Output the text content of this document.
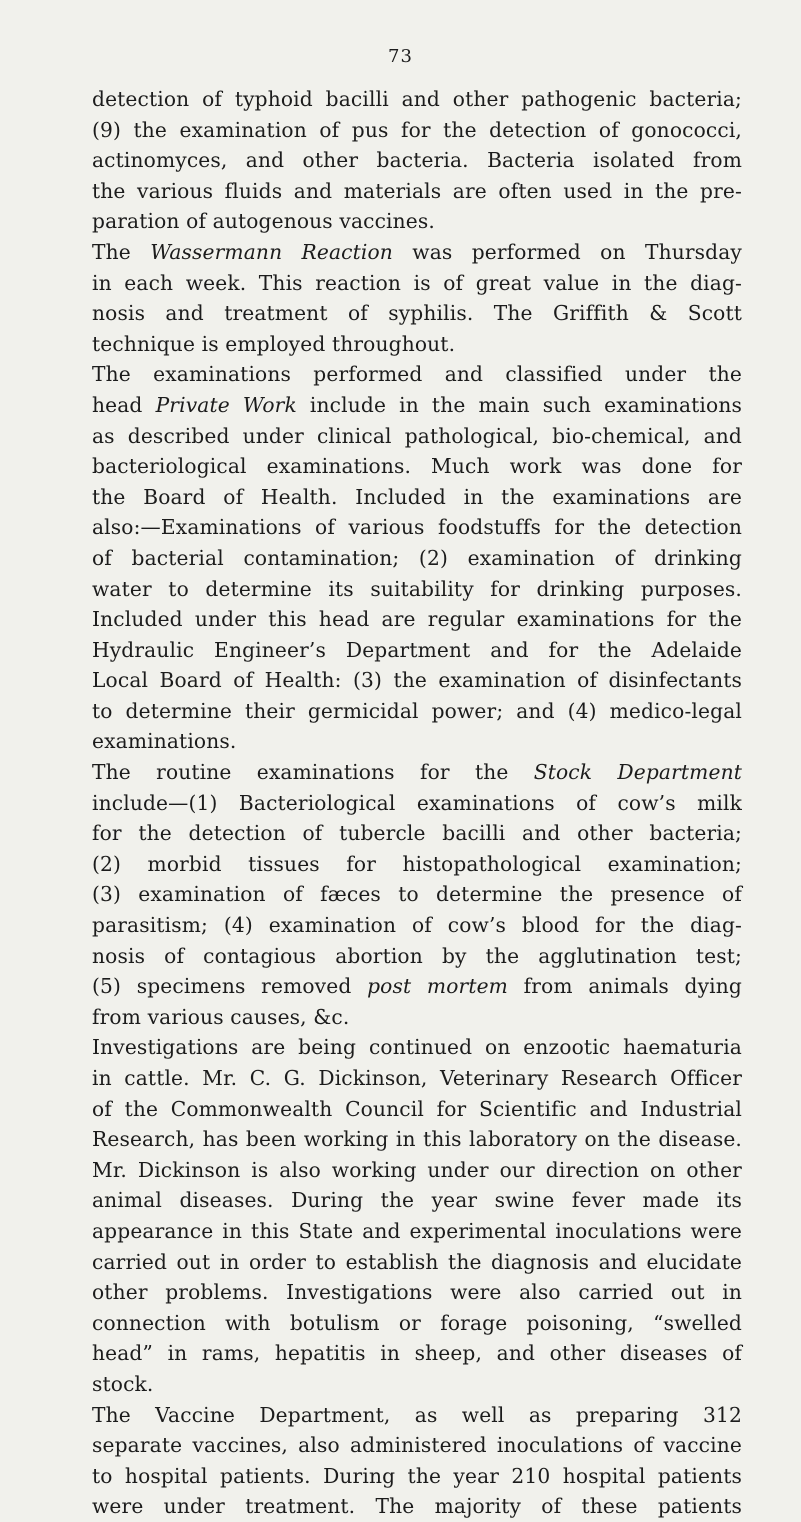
73
detection of typhoid bacilli and other pathogenic bacteria;
(9) the examination of pus for the detection of gonococci,
actinomyces, and other bacteria. Bacteria isolated from
the various fluids and materials are often used in the pre-
paration of autogenous vaccines.
The Wassermann Reaction was performed on Thursday
in each week. This reaction is of great value in the diag-
nosis and treatment of syphilis. The Griffith & Scott
technique is employed throughout.
The examinations performed and classified under the
head Private Work include in the main such examinations
as described under clinical pathological, bio-chemical, and
bacteriological examinations. Much work was done for
the Board of Health. Included in the examinations are
also:—Examinations of various foodstuffs for the detection
of bacterial contamination; (2) examination of drinking
water to determine its suitability for drinking purposes.
Included under this head are regular examinations for the
Hydraulic Engineer’s Department and for the Adelaide
Local Board of Health: (3) the examination of disinfectants
to determine their germicidal power; and (4) medico-legal
examinations.
The routine examinations for the Stock Department
include—(1) Bacteriological examinations of cow’s milk
for the detection of tubercle bacilli and other bacteria;
(2) morbid tissues for histopathological examination;
(3) examination of fæces to determine the presence of
parasitism; (4) examination of cow’s blood for the diag-
nosis of contagious abortion by the agglutination test;
(5) specimens removed post mortem from animals dying
from various causes, &c.
Investigations are being continued on enzootic haematuria
in cattle. Mr. C. G. Dickinson, Veterinary Research Officer
of the Commonwealth Council for Scientific and Industrial
Research, has been working in this laboratory on the disease.
Mr. Dickinson is also working under our direction on other
animal diseases. During the year swine fever made its
appearance in this State and experimental inoculations were
carried out in order to establish the diagnosis and elucidate
other problems. Investigations were also carried out in
connection with botulism or forage poisoning, “swelled
head” in rams, hepatitis in sheep, and other diseases of
stock.
The Vaccine Department, as well as preparing 312
separate vaccines, also administered inoculations of vaccine
to hospital patients. During the year 210 hospital patients
were under treatment. The majority of these patients
